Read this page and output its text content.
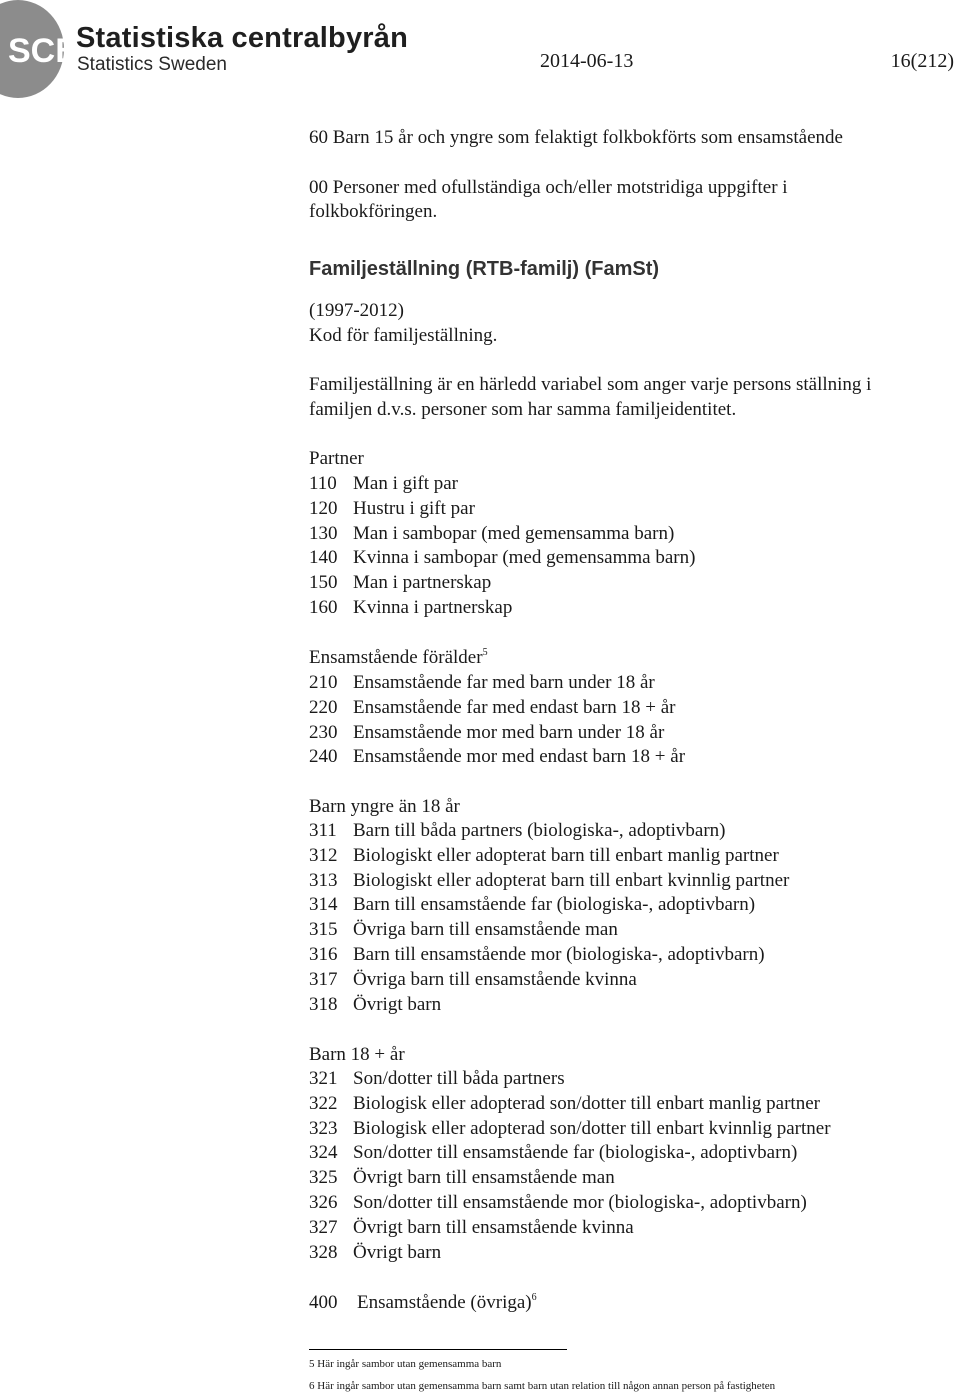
SCB
Statistiska centralbyrån
Statistics Sweden	2014-06-13	16(212)
60 Barn 15 år och yngre som felaktigt folkbokförts som ensamstående
00 Personer med ofullständiga och/eller motstridiga uppgifter i
folkbokföringen.
Familjeställning (RTB-familj) (FamSt)
(1997-2012)
Kod för familjeställning.
Familjeställning är en härledd variabel som anger varje persons ställning i
familjen d.v.s. personer som har samma familjeidentitet.
Partner
Ensamstående förälder$^5$
Barn yngre än 18 år
Barn 18 + år
400 Ensamstående (övriga)$^6$
5 Här ingår sambor utan gemensamma barn
6 Här ingår sambor utan gemensamma barn samt barn utan relation till någon annan person på fastigheten
110 Man i gift par
120 Hustru i gift par
130 Man i sambopar (med gemensamma barn)
140 Kvinna i sambopar (med gemensamma barn)
150 Man i partnerskap
160 Kvinna i partnerskap
210 Ensamstående far med barn under 18 år
220 Ensamstående far med endast barn 18 + år
230 Ensamstående mor med barn under 18 år
240 Ensamstående mor med endast barn 18 + år
311 Barn till båda partners (biologiska-, adoptivbarn)
312 Biologiskt eller adopterat barn till enbart manlig partner
313 Biologiskt eller adopterat barn till enbart kvinnlig partner
314 Barn till ensamstående far (biologiska-, adoptivbarn)
315 Övriga barn till ensamstående man
316 Barn till ensamstående mor (biologiska-, adoptivbarn)
317 Övriga barn till ensamstående kvinna
318 Övrigt barn
321 Son/dotter till båda partners
322 Biologisk eller adopterad son/dotter till enbart manlig partner
323 Biologisk eller adopterad son/dotter till enbart kvinnlig partner
324 Son/dotter till ensamstående far (biologiska-, adoptivbarn)
325 Övrigt barn till ensamstående man
326 Son/dotter till ensamstående mor (biologiska-, adoptivbarn)
327 Övrigt barn till ensamstående kvinna
328 Övrigt barn
